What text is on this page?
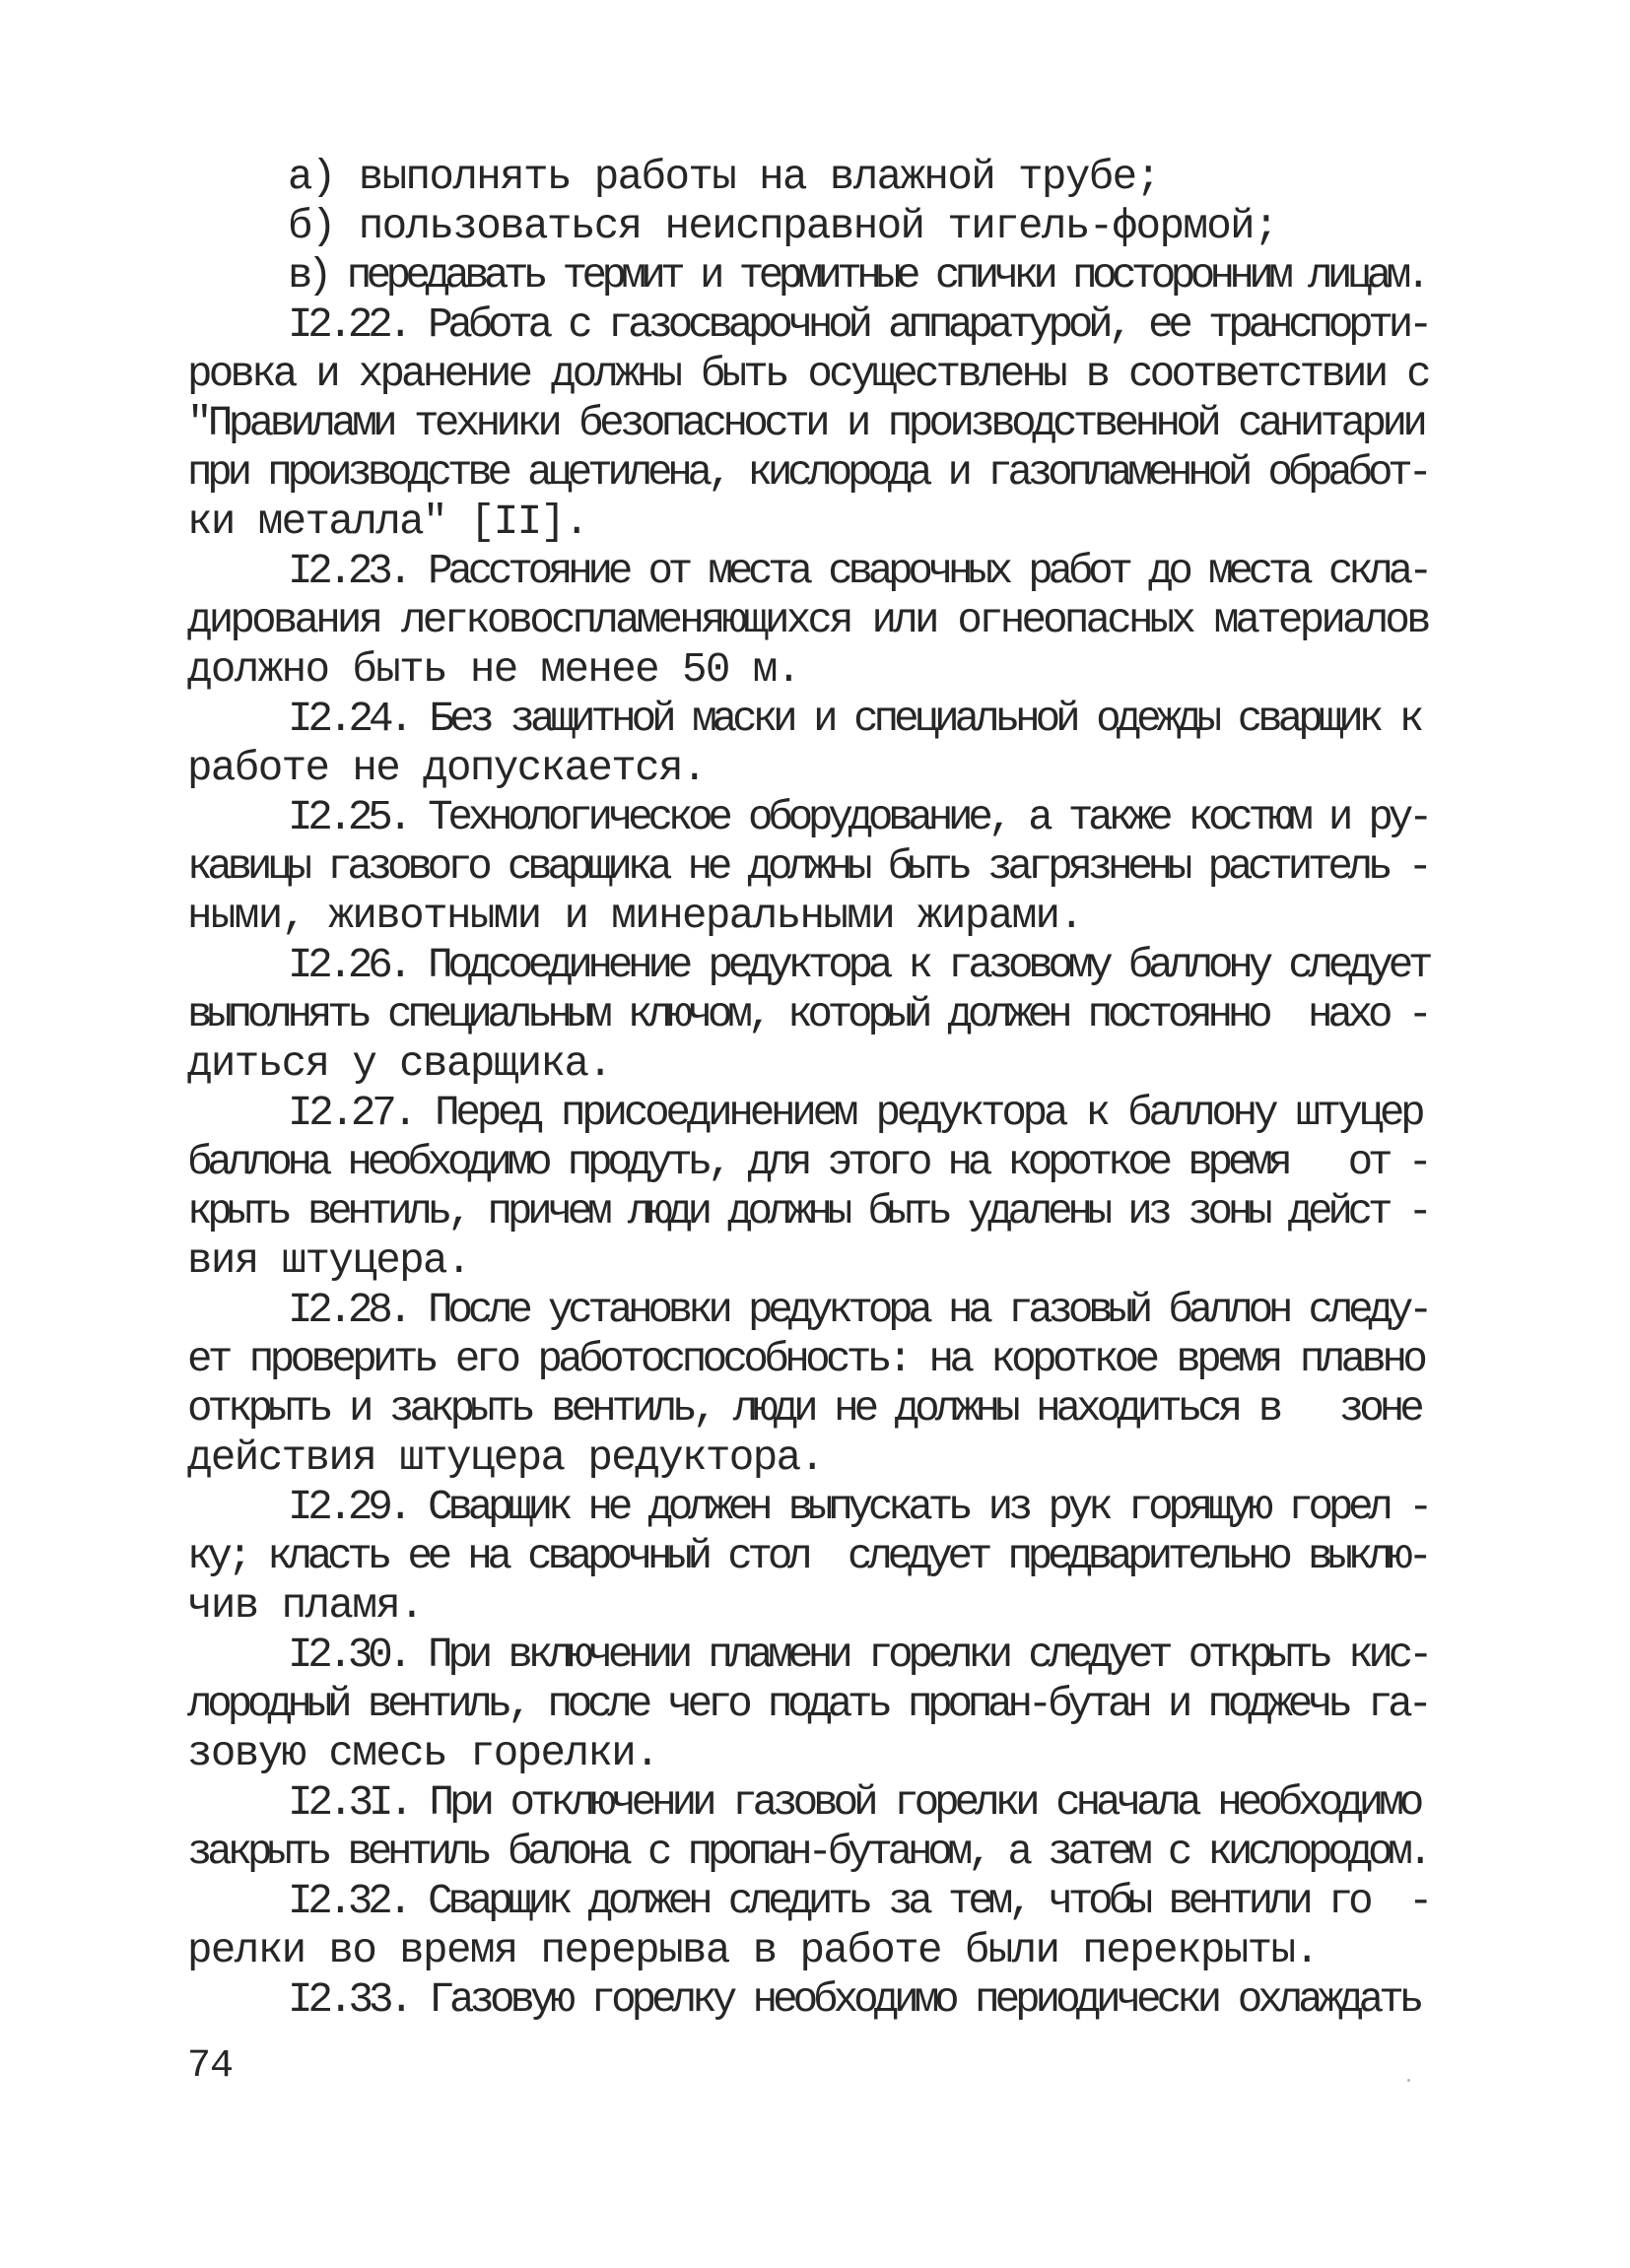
а) выполнять работы на влажной трубе;
б) пользоваться неисправной тигель-формой;
в) передавать термит и термитные спички посторонним лицам.
I2.22. Работа с газосварочной аппаратурой, ее транспорти-
ровка и хранение должны быть осуществлены в соответствии с
"Правилами техники безопасности и производственной санитарии
при производстве ацетилена, кислорода и газопламенной обработ-
ки металла" [II].
I2.23. Расстояние от места сварочных работ до места скла-
дирования легковоспламеняющихся или огнеопасных материалов
должно быть не менее 50 м.
I2.24. Без защитной маски и специальной одежды сварщик к
работе не допускается.
I2.25. Технологическое оборудование, а также костюм и ру-
кавицы газового сварщика не должны быть загрязнены раститель -
ными, животными и минеральными жирами.
I2.26. Подсоединение редуктора к газовому баллону следует
выполнять специальным ключом, который должен постоянно  нахо -
диться у сварщика.
I2.27. Перед присоединением редуктора к баллону штуцер
баллона необходимо продуть, для этого на короткое время   от -
крыть вентиль, причем люди должны быть удалены из зоны дейст -
вия штуцера.
I2.28. После установки редуктора на газовый баллон следу-
ет проверить его работоспособность: на короткое время плавно
открыть и закрыть вентиль, люди не должны находиться в   зоне
действия штуцера редуктора.
I2.29. Сварщик не должен выпускать из рук горящую горел -
ку; класть ее на сварочный стол  следует предварительно выклю-
чив пламя.
I2.30. При включении пламени горелки следует открыть кис-
лородный вентиль, после чего подать пропан-бутан и поджечь га-
зовую смесь горелки.
I2.3I. При отключении газовой горелки сначала необходимо
закрыть вентиль балона с пропан-бутаном, а затем с кислородом.
I2.32. Сварщик должен следить за тем, чтобы вентили го  -
релки во время перерыва в работе были перекрыты.
I2.33. Газовую горелку необходимо периодически охлаждать
74
